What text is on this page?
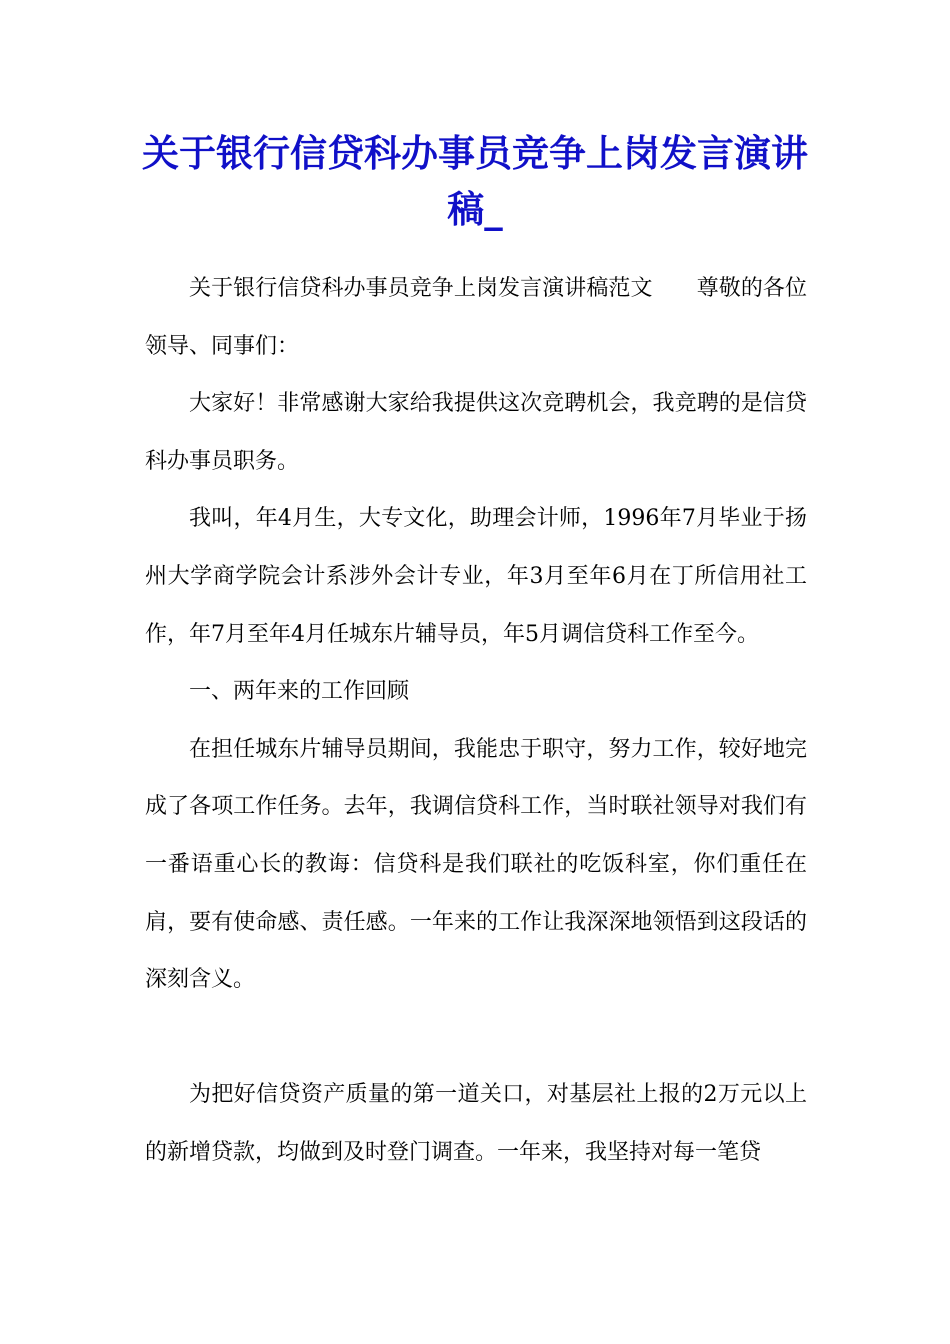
关于银行信贷科办事员竞争上岗发言演讲稿_

关于银行信贷科办事员竞争上岗发言演讲稿范文　　尊敬的各位领导、同事们：

大家好！非常感谢大家给我提供这次竞聘机会，我竞聘的是信贷科办事员职务。

我叫，年4月生，大专文化，助理会计师，1996年7月毕业于扬州大学商学院会计系涉外会计专业，年3月至年6月在丁所信用社工作，年7月至年4月任城东片辅导员，年5月调信贷科工作至今。

一、两年来的工作回顾

在担任城东片辅导员期间，我能忠于职守，努力工作，较好地完成了各项工作任务。去年，我调信贷科工作，当时联社领导对我们有一番语重心长的教诲：信贷科是我们联社的吃饭科室，你们重任在肩，要有使命感、责任感。一年来的工作让我深深地领悟到这段话的深刻含义。

为把好信贷资产质量的第一道关口，对基层社上报的2万元以上的新增贷款，均做到及时登门调查。一年来，我坚持对每一笔贷
